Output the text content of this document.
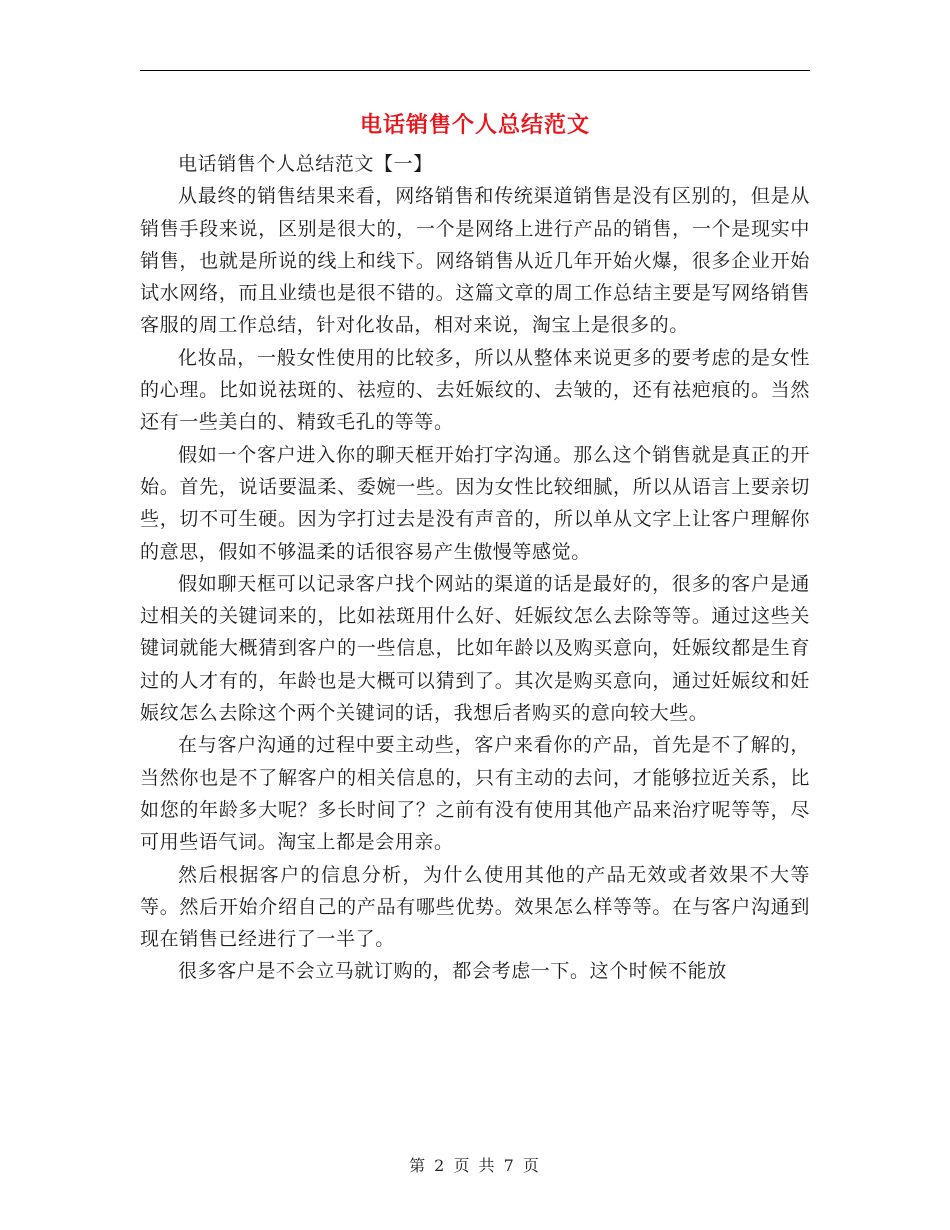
电话销售个人总结范文

电话销售个人总结范文【一】

从最终的销售结果来看，网络销售和传统渠道销售是没有区别的，但是从销售手段来说，区别是很大的，一个是网络上进行产品的销售，一个是现实中销售，也就是所说的线上和线下。网络销售从近几年开始火爆，很多企业开始试水网络，而且业绩也是很不错的。这篇文章的周工作总结主要是写网络销售客服的周工作总结，针对化妆品，相对来说，淘宝上是很多的。

化妆品，一般女性使用的比较多，所以从整体来说更多的要考虑的是女性的心理。比如说祛斑的、祛痘的、去妊娠纹的、去皱的，还有祛疤痕的。当然还有一些美白的、精致毛孔的等等。

假如一个客户进入你的聊天框开始打字沟通。那么这个销售就是真正的开始。首先，说话要温柔、委婉一些。因为女性比较细腻，所以从语言上要亲切些，切不可生硬。因为字打过去是没有声音的，所以单从文字上让客户理解你的意思，假如不够温柔的话很容易产生傲慢等感觉。

假如聊天框可以记录客户找个网站的渠道的话是最好的，很多的客户是通过相关的关键词来的，比如祛斑用什么好、妊娠纹怎么去除等等。通过这些关键词就能大概猜到客户的一些信息，比如年龄以及购买意向，妊娠纹都是生育过的人才有的，年龄也是大概可以猜到了。其次是购买意向，通过妊娠纹和妊娠纹怎么去除这个两个关键词的话，我想后者购买的意向较大些。

在与客户沟通的过程中要主动些，客户来看你的产品，首先是不了解的，当然你也是不了解客户的相关信息的，只有主动的去问，才能够拉近关系，比如您的年龄多大呢？多长时间了？之前有没有使用其他产品来治疗呢等等，尽可用些语气词。淘宝上都是会用亲。

然后根据客户的信息分析，为什么使用其他的产品无效或者效果不大等等。然后开始介绍自己的产品有哪些优势。效果怎么样等等。在与客户沟通到现在销售已经进行了一半了。

很多客户是不会立马就订购的，都会考虑一下。这个时候不能放

第 2 页 共 7 页
